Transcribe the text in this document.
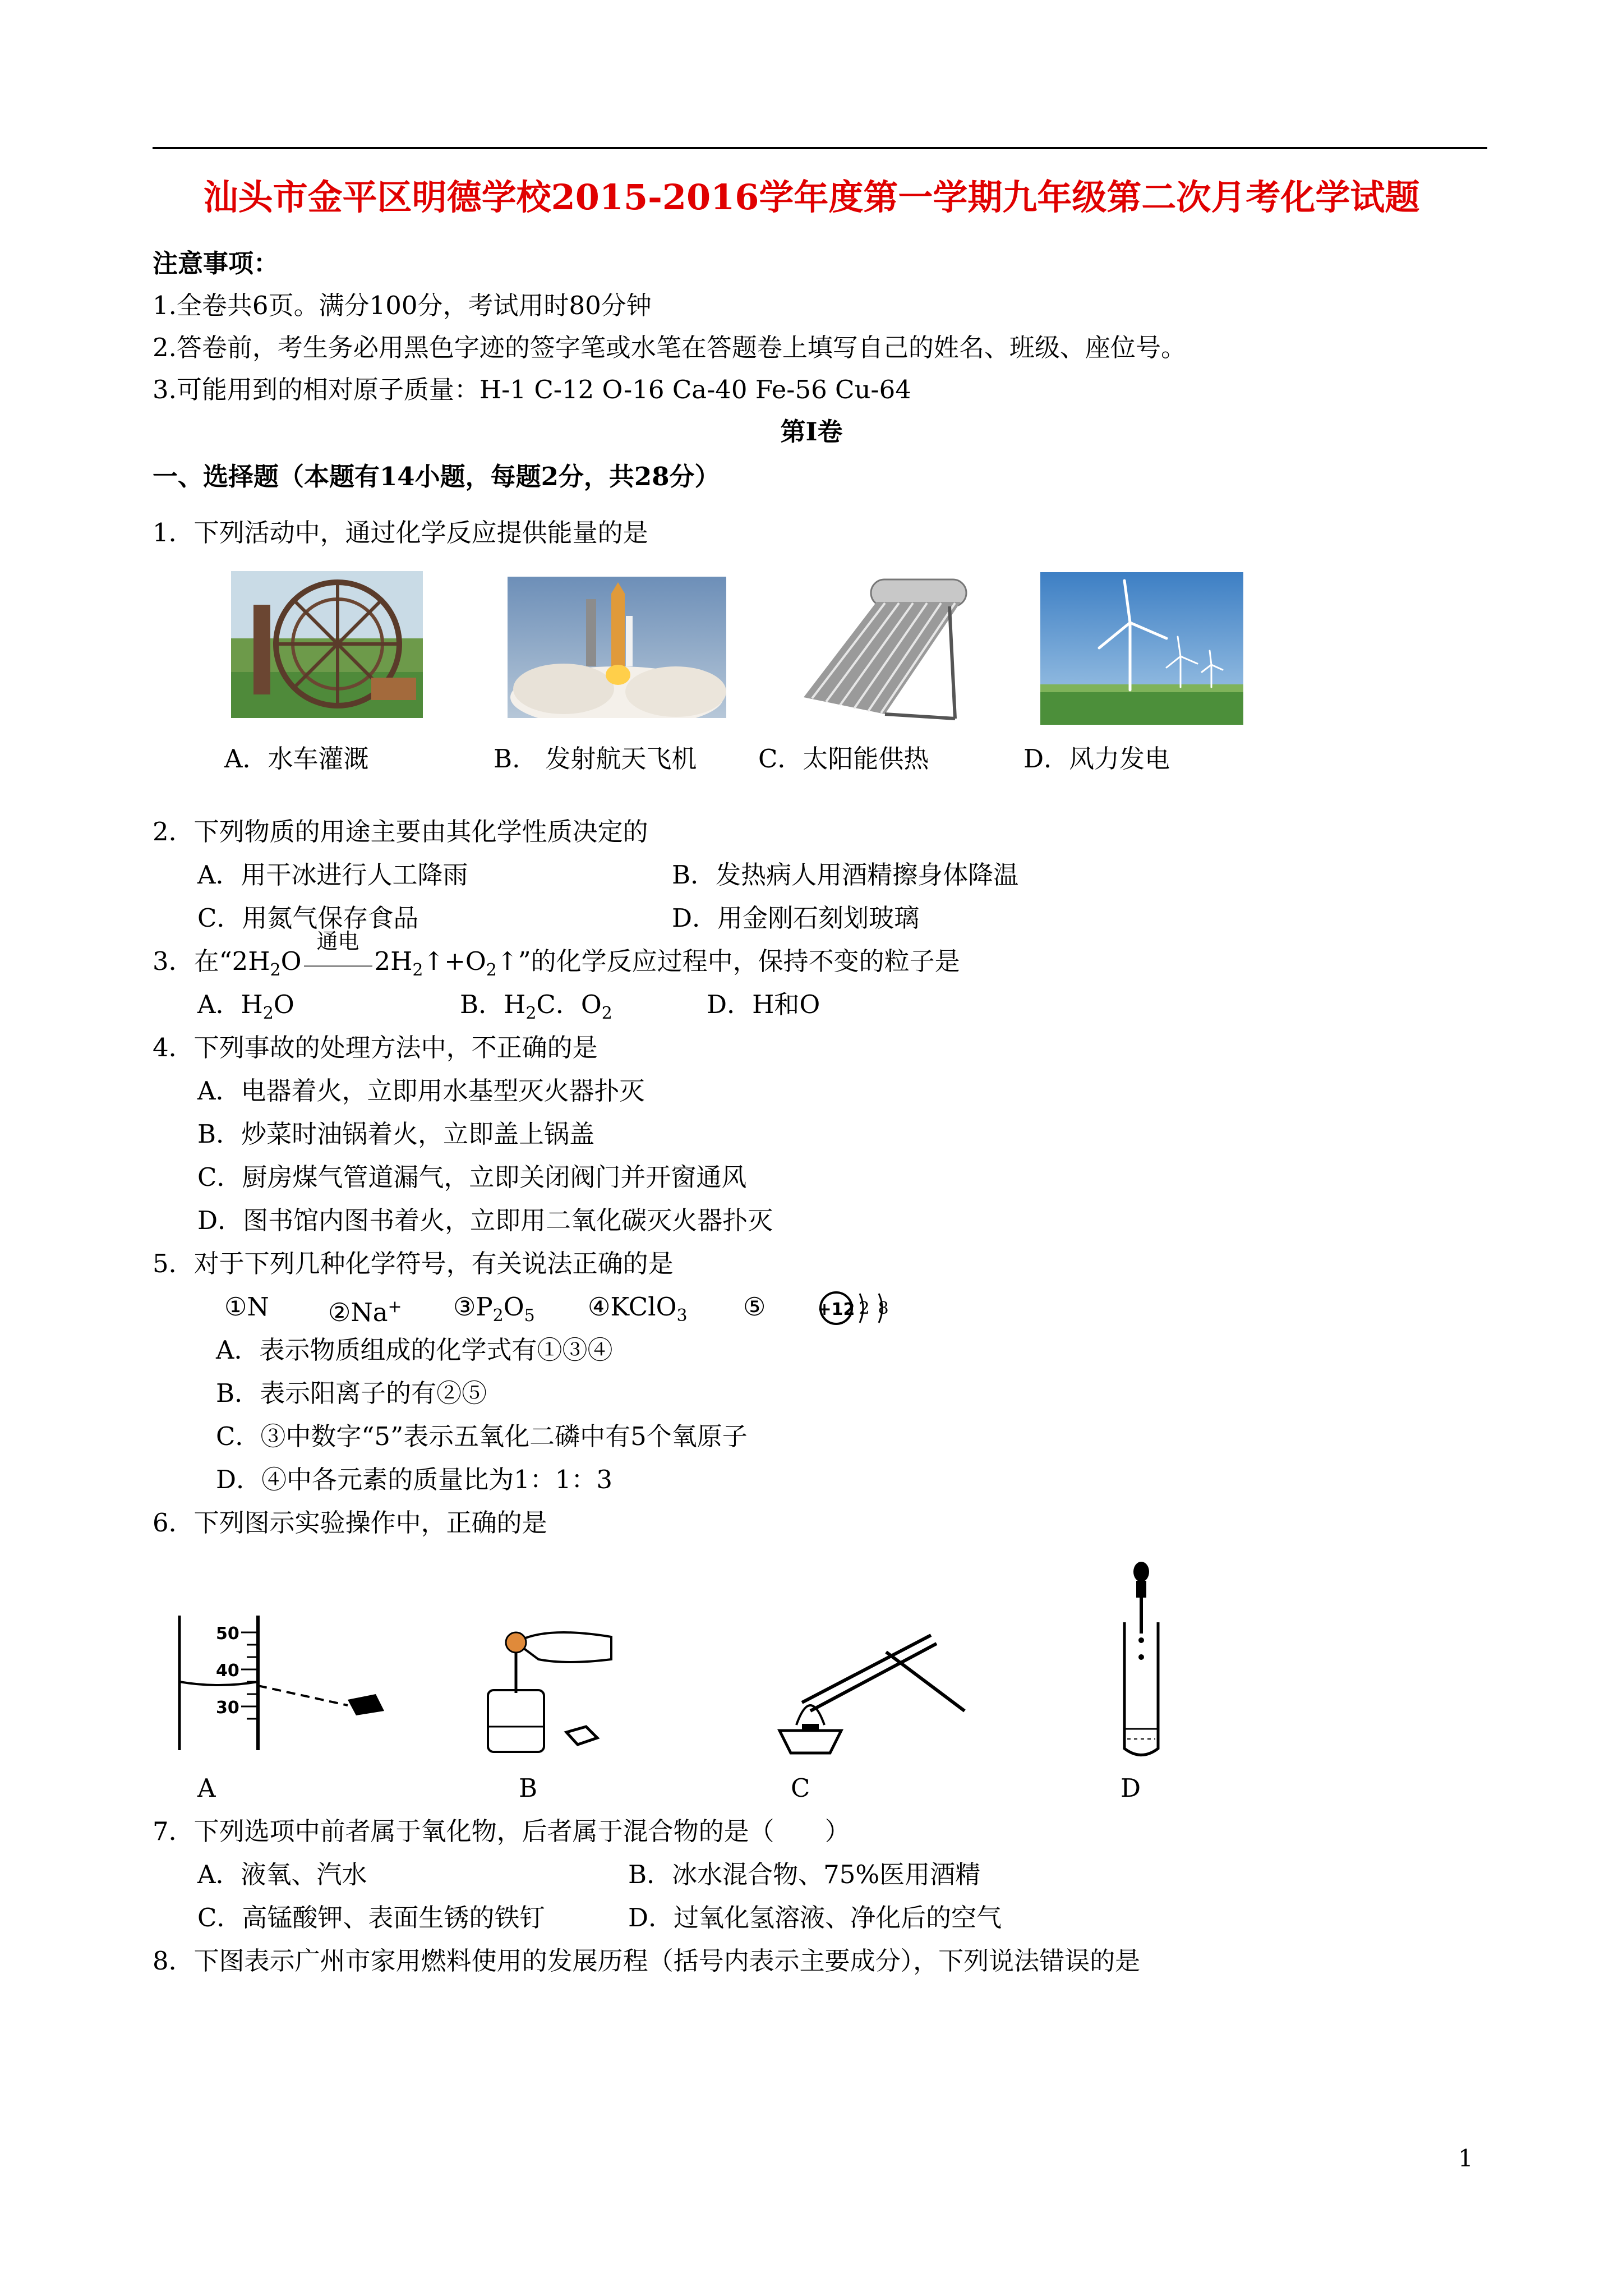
汕头市金平区明德学校2015-2016学年度第一学期九年级第二次月考化学试题
注意事项：
1.全卷共6页。满分100分，考试用时80分钟
2.答卷前，考生务必用黑色字迹的签字笔或水笔在答题卷上填写自己的姓名、班级、座位号。
3.可能用到的相对原子质量：H-1 C-12 O-16 Ca-40 Fe-56 Cu-64
第Ⅰ卷
一、选择题（本题有14小题，每题2分，共28分）
1．下列活动中，通过化学反应提供能量的是
A．水车灌溉	B.　发射航天飞机 C．太阳能供热	D．风力发电
2．下列物质的用途主要由其化学性质决定的
A．用干冰进行人工降雨	B．发热病人用酒精擦身体降温
C．用氮气保存食品	D．用金刚石刻划玻璃
3．在“$2H_2O$
通电
$2H_2↑+O_2↑$”的化学反应过程中，保持不变的粒子是
A．$H_2O$	B．$H_2C$．$O_2$	D．H和O
4．下列事故的处理方法中，不正确的是
A．电器着火，立即用水基型灭火器扑灭
B．炒菜时油锅着火，立即盖上锅盖
C．厨房煤气管道漏气，立即关闭阀门并开窗通风
D．图书馆内图书着火，立即用二氧化碳灭火器扑灭
5．对于下列几种化学符号，有关说法正确的是
①N ②Na+ $③P_2O_5$ ④KClO$_3$ ⑤	+12 2 8
A．表示物质组成的化学式有①③④
B．表示阳离子的有②⑤
C．③中数字“5”表示五氧化二磷中有5个氧原子
D．④中各元素的质量比为1：1：3
6．下列图示实验操作中，正确的是
50
40
30
A	B	C	D
7．下列选项中前者属于氧化物，后者属于混合物的是（　　）
A．液氧、汽水	B．冰水混合物、75%医用酒精
C．高锰酸钾、表面生锈的铁钉	D．过氧化氢溶液、净化后的空气
8．下图表示广州市家用燃料使用的发展历程（括号内表示主要成分），下列说法错误的是
1
